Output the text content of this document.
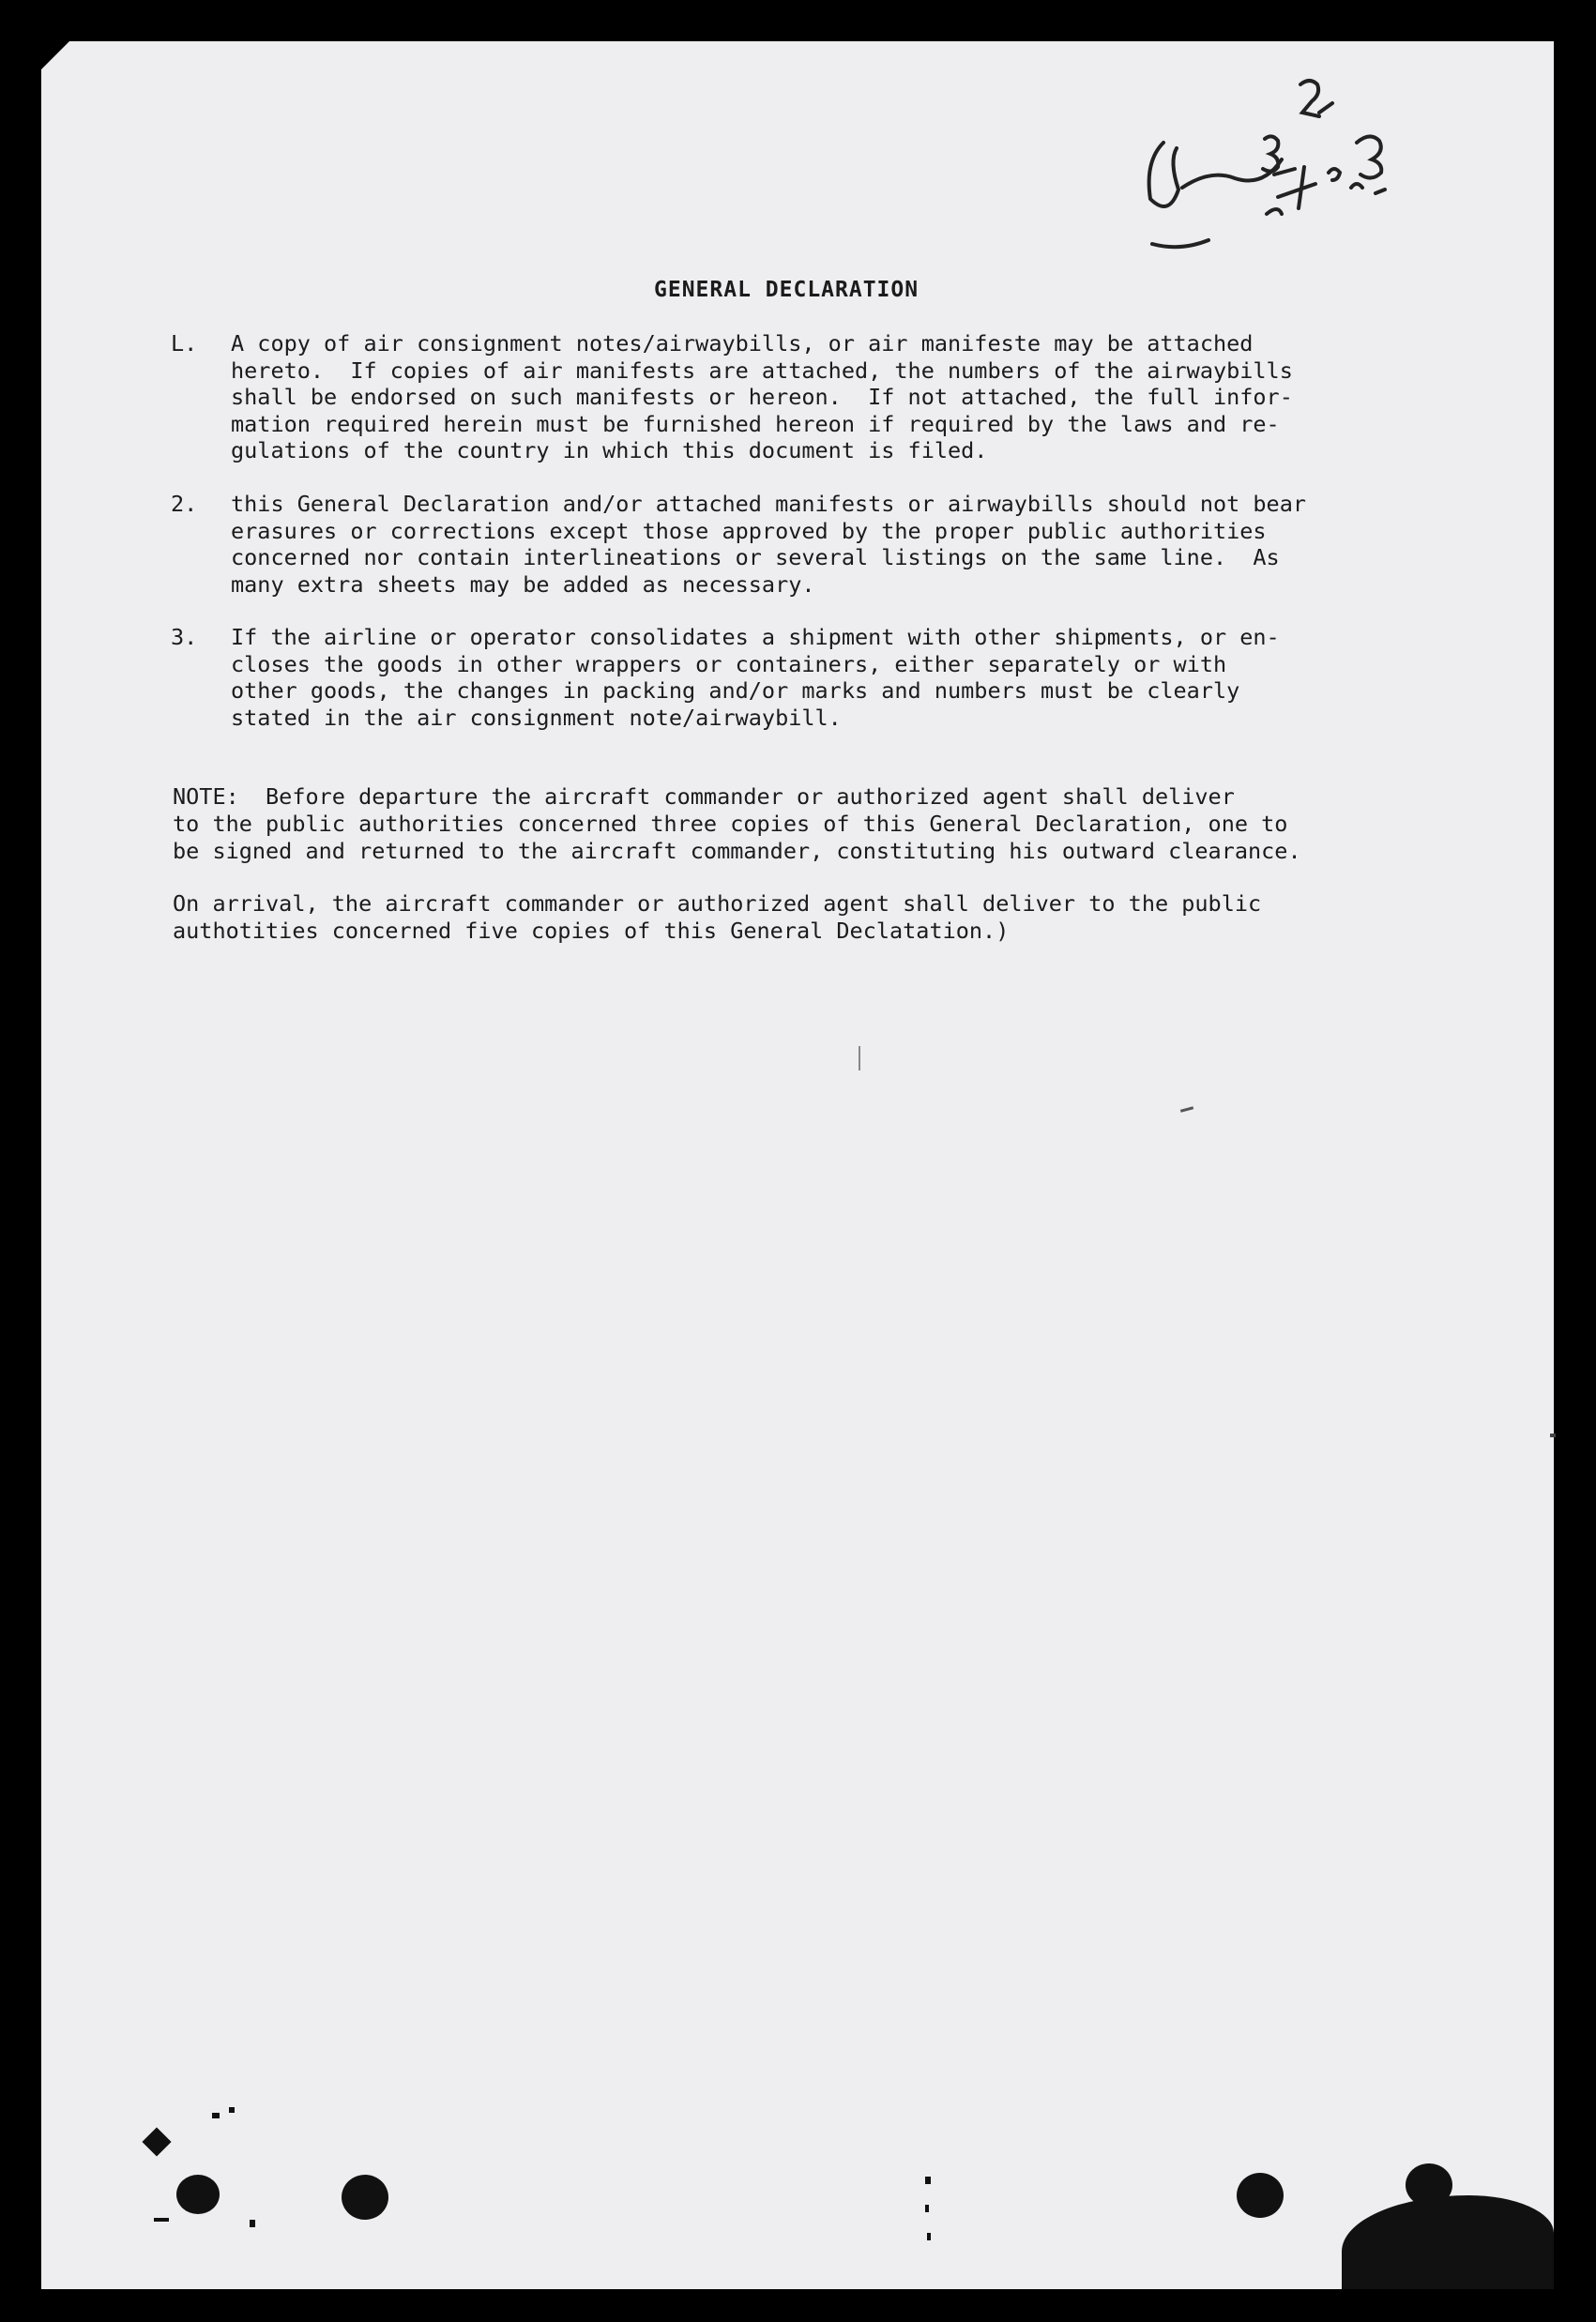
GENERAL DECLARATION
L.	A copy of air consignment notes/airwaybills, or air manifeste may be attached
hereto.  If copies of air manifests are attached, the numbers of the airwaybills
shall be endorsed on such manifests or hereon.  If not attached, the full infor-
mation required herein must be furnished hereon if required by the laws and re-
gulations of the country in which this document is filed.
2.	this General Declaration and/or attached manifests or airwaybills should not bear
erasures or corrections except those approved by the proper public authorities
concerned nor contain interlineations or several listings on the same line.  As
many extra sheets may be added as necessary.
3.	If the airline or operator consolidates a shipment with other shipments, or en-
closes the goods in other wrappers or containers, either separately or with
other goods, the changes in packing and/or marks and numbers must be clearly
stated in the air consignment note/airwaybill.
NOTE:  Before departure the aircraft commander or authorized agent shall deliver
to the public authorities concerned three copies of this General Declaration, one to
be signed and returned to the aircraft commander, constituting his outward clearance.
On arrival, the aircraft commander or authorized agent shall deliver to the public
authotities concerned five copies of this General Declatation.)
